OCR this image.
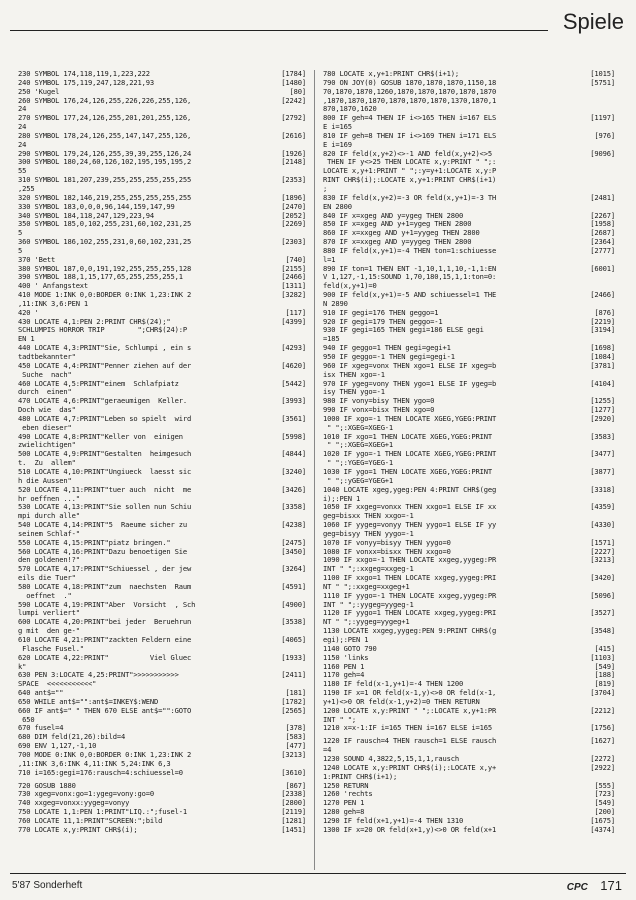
Spiele
230 SYMBOL 174,118,119,1,223,222	[1784]
240 SYMBOL 175,119,247,128,221,93	[1480]
250 'Kugel	[80]
260 SYMBOL 176,24,126,255,226,226,255,126,	[2242]
24
270 SYMBOL 177,24,126,255,201,201,255,126,	[2792]
24
280 SYMBOL 178,24,126,255,147,147,255,126,	[2616]
24
290 SYMBOL 179,24,126,255,39,39,255,126,24	[1926]
300 SYMBOL 180,24,60,126,102,195,195,195,2	[2148]
55
310 SYMBOL 181,207,239,255,255,255,255,255	[2353]
,255
320 SYMBOL 182,146,219,255,255,255,255,255	[1896]
330 SYMBOL 183,0,0,0,96,144,159,147,99	[2470]
340 SYMBOL 184,118,247,129,223,94	[2052]
350 SYMBOL 185,0,102,255,231,60,102,231,25	[2269]
5
360 SYMBOL 186,102,255,231,0,60,102,231,25	[2303]
5
370 'Bett	[740]
380 SYMBOL 187,0,0,191,192,255,255,255,128	[2155]
390 SYMBOL 188,1,15,177,65,255,255,255,1	[2466]
400 ' Anfangstext	[1311]
410 MODE 1:INK 0,0:BORDER 0:INK 1,23:INK 2	[3282]
,11:INK 3,6:PEN 1
420 '	[117]
430 LOCATE 4,1:PEN 2:PRINT CHR$(24);"	[4399]
SCHLUMPIS HORROR TRIP        ";CHR$(24):P
EN 1
440 LOCATE 4,3:PRINT"Sie, Schlumpi , ein s	[4293]
tadtbekannter"
450 LOCATE 4,4:PRINT"Penner ziehen auf der	[4620]
Suche  nach"
460 LOCATE 4,5:PRINT"einem  Schlafpiatz	[5442]
durch  einen"
470 LOCATE 4,6:PRINT"geraeumigen  Keller.	[3993]
Doch wie  das"
480 LOCATE 4,7:PRINT"Leben so spielt  wird	[3561]
eben dieser"
490 LOCATE 4,8:PRINT"Keller von  einigen	[5998]
zwielichtigen"
500 LOCATE 4,9:PRINT"Gestalten  heimgesuch	[4844]
t.  Zu  allem"
510 LOCATE 4,10:PRINT"Ungiueck  laesst sic	[3240]
h die Aussen"
520 LOCATE 4,11:PRINT"tuer auch  nicht  me	[3426]
hr oeffnen ..."
530 LOCATE 4,13:PRINT"Sie sollen nun Schiu	[3358]
mpi durch alle"
540 LOCATE 4,14:PRINT"5  Raeume sicher zu	[4238]
seinem Schlaf-"
550 LOCATE 4,15:PRINT"piatz bringen."	[2475]
560 LOCATE 4,16:PRINT"Dazu benoetigen Sie	[3450]
den goldenen!?"
570 LOCATE 4,17:PRINT"Schiuessel , der jew	[3264]
eils die Tuer"
580 LOCATE 4,18:PRINT"zum  naechsten  Raum	[4591]
oeffnet  ."
590 LOCATE 4,19:PRINT"Aber  Vorsicht  , Sch	[4900]
lumpi verliert"
600 LOCATE 4,20:PRINT"bei jeder  Beruehrun	[3538]
g mit  den ge-"
610 LOCATE 4,21:PRINT"zackten Feldern eine	[4065]
Flasche Fusel."
620 LOCATE 4,22:PRINT"          Viel Gluec	[1933]
k"
630 PEN 3:LOCATE 4,25:PRINT">>>>>>>>>>>	[2411]
SPACE  <<<<<<<<<<<"
640 ant$=""	[181]
650 WHILE ant$="":ant$=INKEY$:WEND	[1782]
660 IF ant$=" " THEN 670 ELSE ant$="":GOTO	[2565]
650
670 fusel=4	[378]
680 DIM feld(21,26):bild=4	[583]
690 ENV 1,127,-1,10	[477]
700 MODE 0:INK 0,0:BORDER 0:INK 1,23:INK 2	[3213]
,11:INK 3,6:INK 4,11:INK 5,24:INK 6,3
710 i=165:gegi=176:rausch=4:schiuessel=0	[3610]
720 GOSUB 1880	[867]
730 xgeg=vonx:go=1:ygeg=vony:go=0	[2338]
740 xxgeg=vonxx:yygeg=vonyy	[2800]
750 LOCATE 1,1:PEN 1:PRINT"LIQ.:";fusel-1	[2119]
760 LOCATE 11,1:PRINT"SCREEN:";bild	[1281]
770 LOCATE x,y:PRINT CHR$(i);	[1451]
780 LOCATE x,y+1:PRINT CHR$(i+1);	[1015]
790 ON JOY(0) GOSUB 1870,1870,1870,1150,18	[5751]
70,1870,1870,1260,1870,1870,1870,1870,1870
,1870,1870,1870,1870,1870,1870,1370,1870,1
870,1870,1620
800 IF geh=4 THEN IF i<>165 THEN i=167 ELS	[1197]
E i=165
810 IF geh=8 THEN IF i<>169 THEN i=171 ELS	[976]
E i=169
820 IF feld(x,y+2)<>-1 AND feld(x,y+2)<>5	[9096]
THEN IF y<>25 THEN LOCATE x,y:PRINT " ";:
LOCATE x,y+1:PRINT " ";:y=y+1:LOCATE x,y:P
RINT CHR$(i);:LOCATE x,y+1:PRINT CHR$(i+1)
;
830 IF feld(x,y+2)=-3 OR feld(x,y+1)=-3 TH	[2481]
EN 2800
840 IF x=xgeg AND y=ygeg THEN 2800	[2267]
850 IF x=xgeg AND y+1=ygeg THEN 2800	[1958]
860 IF x=xxgeg AND y+1=yygeg THEN 2800	[2687]
870 IF x=xxgeg AND y=yygeg THEN 2800	[2364]
880 IF feld(x,y+1)=-4 THEN ton=1:schiuesse	[2777]
l=1
890 IF ton=1 THEN ENT -1,10,1,1,10,-1,1:EN	[6001]
V 1,127,-1,15:SOUND 1,70,180,15,1,1:ton=0:
feld(x,y+1)=0
900 IF feld(x,y+1)=-5 AND schiuessel=1 THE	[2466]
N 2890
910 IF gegi=176 THEN geggo=1	[876]
920 IF gegi=179 THEN geggo=-1	[2219]
930 IF gegi=165 THEN gegi=186 ELSE gegi	[3194]
=185
940 IF geggo=1 THEN gegi=gegi+1	[1698]
950 IF geggo=-1 THEN gegi=gegi-1	[1084]
960 IF xgeg=vonx THEN xgo=1 ELSE IF xgeg=b	[3781]
isx THEN xgo=-1
970 IF ygeg=vony THEN ygo=1 ELSE IF ygeg=b	[4104]
isy THEN ygo=-1
980 IF vony=bisy THEN ygo=0	[1255]
990 IF vonx=bisx THEN xgo=0	[1277]
1000 IF xgo=-1 THEN LOCATE XGEG,YGEG:PRINT	[2920]
" ";:XGEG=XGEG-1
1010 IF xgo=1 THEN LOCATE XGEG,YGEG:PRINT	[3583]
" ";:XGEG=XGEG+1
1020 IF ygo=-1 THEN LOCATE XGEG,YGEG:PRINT	[3477]
" ";:YGEG=YGEG-1
1030 IF ygo=1 THEN LOCATE XGEG,YGEG:PRINT	[3877]
" ";:yGEG=YGEG+1
1040 LOCATE xgeg,ygeg:PEN 4:PRINT CHR$(geg	[3318]
i);:PEN 1
1050 IF xxgeg=vonxx THEN xxgo=1 ELSE IF xx	[4359]
geg=bisxx THEN xxgo=-1
1060 IF yygeg=vonyy THEN yygo=1 ELSE IF yy	[4330]
geg=bisyy THEN yygo=-1
1070 IF vonyy=bisyy THEN yygo=0	[1571]
1080 IF vonxx=bisxx THEN xxgo=0	[2227]
1090 IF xxgo=-1 THEN LOCATE xxgeg,yygeg:PR	[3213]
INT " ";:xxgeg=xxgeg-1
1100 IF xxgo=1 THEN LOCATE xxgeg,yygeg:PRI	[3420]
NT " ";:xxgeg=xxgeg+1
1110 IF yygo=-1 THEN LOCATE xxgeg,yygeg:PR	[5096]
INT " ";:yygeg=yygeg-1
1120 IF yygo=1 THEN LOCATE xxgeg,yygeg:PRI	[3527]
NT " ";:yygeg=yygeg+1
1130 LOCATE xxgeg,yygeg:PEN 9:PRINT CHR$(g	[3548]
egi);:PEN 1
1140 GOTO 790	[415]
1150 'links	[1103]
1160 PEN 1	[549]
1170 geh=4	[188]
1180 IF feld(x-1,y+1)=-4 THEN 1200	[819]
1190 IF x=1 OR feld(x-1,y)<>0 OR feld(x-1,	[3704]
y+1)<>0 OR feld(x-1,y+2)=0 THEN RETURN
1200 LOCATE x,y:PRINT " ";:LOCATE x,y+1:PR	[2212]
INT " ";
1210 x=x-1:IF i=165 THEN i=167 ELSE i=165	[1756]
1220 IF rausch=4 THEN rausch=1 ELSE rausch	[1627]
=4
1230 SOUND 4,3822,5,15,1,1,rausch	[2272]
1240 LOCATE x,y:PRINT CHR$(i);:LOCATE x,y+	[2922]
1:PRINT CHR$(i+1);
1250 RETURN	[555]
1260 'rechts	[723]
1270 PEN 1	[549]
1280 geh=8	[200]
1290 IF feld(x+1,y+1)=-4 THEN 1310	[1675]
1300 IF x=20 OR feld(x+1,y)<>0 OR feld(x+1	[4374]
5'87 Sonderheft	CPC 171
